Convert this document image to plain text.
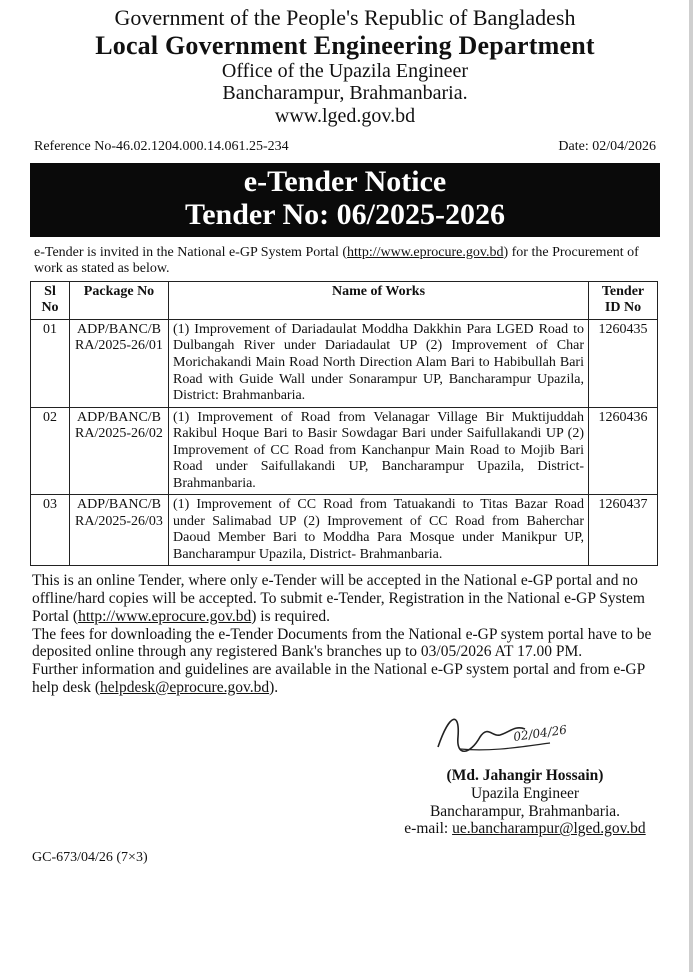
Government of the People's Republic of Bangladesh
Local Government Engineering Department
Office of the Upazila Engineer
Bancharampur, Brahmanbaria.
www.lged.gov.bd
Reference No-46.02.1204.000.14.061.25-234	Date: 02/04/2026
e-Tender Notice
Tender No: 06/2025-2026
e-Tender is invited in the National e-GP System Portal (http://www.eprocure.gov.bd) for the Procurement of work as stated as below.
Sl No	Package No	Name of Works	Tender ID No
01	ADP/BANC/BRA/2025-26/01	(1) Improvement of Dariadaulat Moddha Dakkhin Para LGED Road to Dulbangah River under Dariadaulat UP (2) Improvement of Char Morichakandi Main Road North Direction Alam Bari to Habibullah Bari Road with Guide Wall under Sonarampur UP, Bancharampur Upazila, District: Brahmanbaria.	1260435
02	ADP/BANC/BRA/2025-26/02	(1) Improvement of Road from Velanagar Village Bir Muktijuddah Rakibul Hoque Bari to Basir Sowdagar Bari under Saifullakandi UP (2) Improvement of CC Road from Kanchanpur Main Road to Mojib Bari Road under Saifullakandi UP, Bancharampur Upazila, District-Brahmanbaria.	1260436
03	ADP/BANC/BRA/2025-26/03	(1) Improvement of CC Road from Tatuakandi to Titas Bazar Road under Salimabad UP (2) Improvement of CC Road from Baherchar Daoud Member Bari to Moddha Para Mosque under Manikpur UP, Bancharampur Upazila, District- Brahmanbaria.	1260437

This is an online Tender, where only e-Tender will be accepted in the National e-GP portal and no offline/hard copies will be accepted. To submit e-Tender, Registration in the National e-GP System Portal (http://www.eprocure.gov.bd) is required.

The fees for downloading the e-Tender Documents from the National e-GP system portal have to be deposited online through any registered Bank's branches up to 03/05/2026 AT 17.00 PM.

Further information and guidelines are available in the National e-GP system portal and from e-GP help desk (helpdesk@eprocure.gov.bd).

02/04/26
(Md. Jahangir Hossain)
Upazila Engineer
Bancharampur, Brahmanbaria.
e-mail: ue.bancharampur@lged.gov.bd
GC-673/04/26 (7×3)
